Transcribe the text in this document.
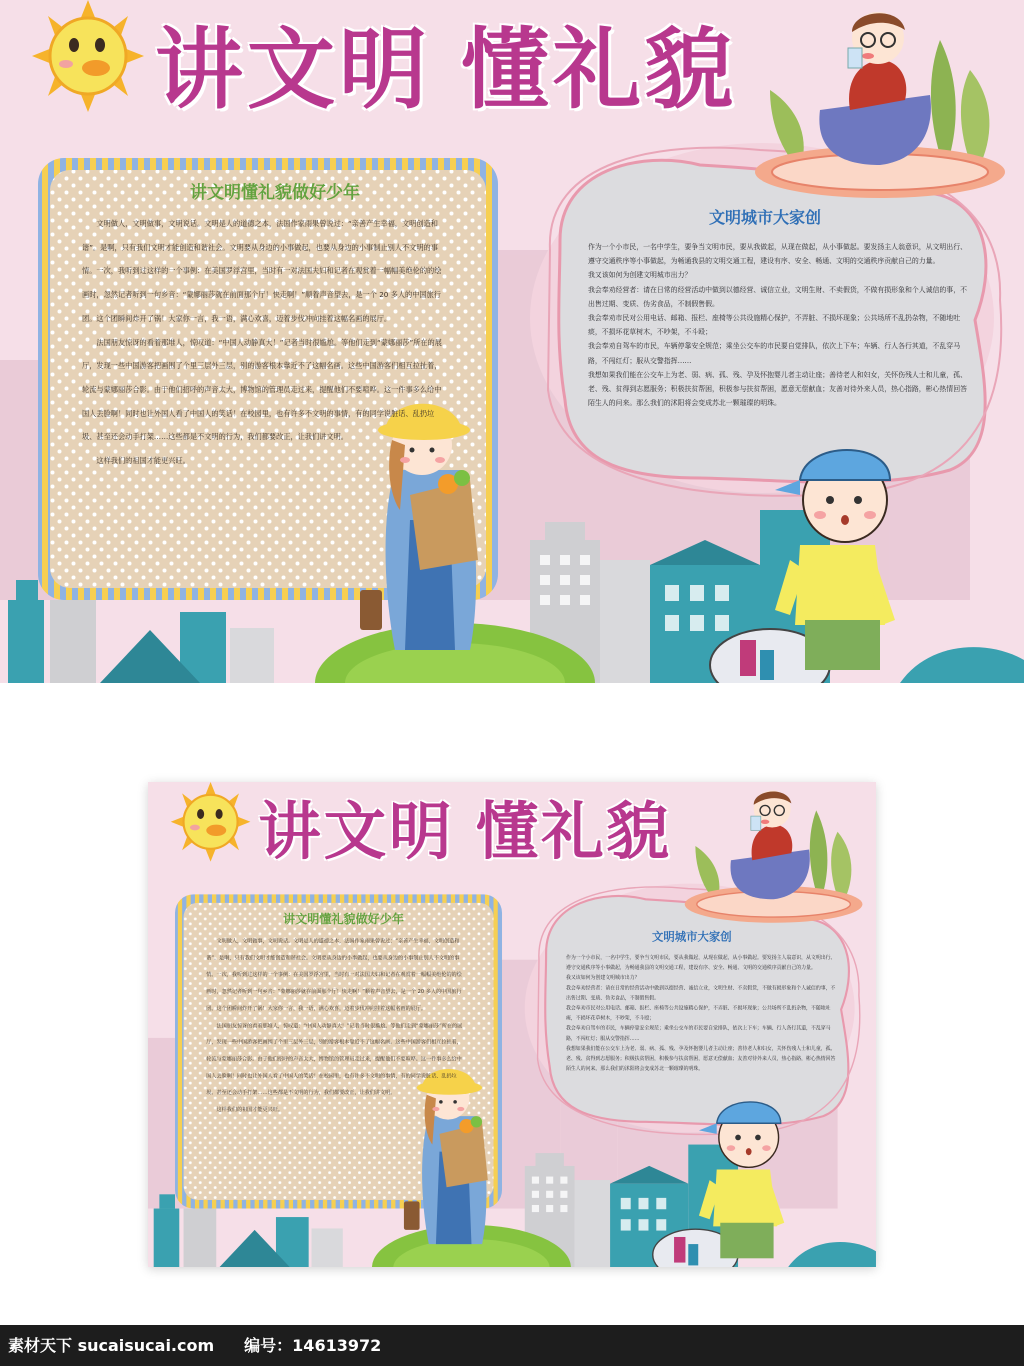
讲文明 懂礼貌
讲文明懂礼貌做好少年

文明做人，文明做事，文明说话。文明是人的道德之本，法国作家雨果曾说过：“亲善产生幸福，文明创造和谐”。是啊，只有我们文明才能创造和谐社会。文明要从身边的小事做起，也要从身边的小事制止别人不文明的事情。一次，我听到过这样的一个事例：在美国罗浮宫里，当时有一对法国夫妇和记者在观赏着一幅幅美绝伦的的绘画时，忽然记者听到一句乡音：“蒙娜丽莎就在前面那个厅！快走啊！”顺着声音望去，是一个 20 多人的中国旅行团。这个团瞬间炸开了锅！大家你一言，我一语，满心欢喜，迈着步伐冲向挂着这幅名画的展厅。

法国朋友惊讶的看着那堆人，惊叹道：“中国人动静真大！”记者当时很尴尬。等他们走到“蒙娜丽莎”所在的展厅，发现一些中国游客把画围了个里三层外三层，别的游客根本靠近不了这幅名画。这些中国游客们相互拉扯着，轮流与蒙娜丽莎合影。由于他们招呼的声音太大，博物馆的管理员走过来，提醒他们不要喧哗。这一件事多么给中国人丢脸啊！同时也让外国人看了中国人的笑话！在校园里，也有许多不文明的事情，有的同学说脏话、乱扔垃圾、甚至还会动手打架……这些都是不文明的行为，我们都要改正，让我们讲文明。

这样我们的祖国才能更兴旺。

文明城市大家创

作为一个小市民，一名中学生，要争当文明市民，要从我做起，从现在做起，从小事做起。要发扬主人翁意识，从文明出行、遵守交通秩序等小事做起，为畅通我县的文明交通工程，建设有序、安全、畅通、文明的交通秩序贡献自己的力量。

我又该如何为创建文明城市出力？

我会奉劝经营者：请在日常的经营活动中做到以德经营、诚信立业，文明生财、不卖假货，不做有损形象和个人诚信的事，不出售过期、变质、伪劣食品，不制假售假。

我会奉劝市民对公用电话、邮箱、报栏、座椅等公共设施精心保护，不弄脏、不损坏现象；公共场所不乱扔杂物，不随地吐痰，不损坏花草树木，不吵架，不斗殴；

我会奉劝自驾车的市民，车辆停靠安全规范；乘坐公交车的市民要自觉排队，依次上下车；车辆、行人各行其道，不乱穿马路，不闯红灯；服从交警指挥……

我想如果我们能在公交车上为老、弱、病、孤、残、孕及怀抱婴儿者主动让座；善待老人和妇女，关怀伤残人士和儿童，孤、老、残、贫得到志愿服务；积极扶贫帮困，积极参与扶贫帮困，愿意无偿献血；友善对待外来人员，热心指路，彬心热情回答陌生人的问来。那么我们的沭阳将会变成苏北一颗璀璨的明珠。

讲文明 懂礼貌
讲文明懂礼貌做好少年

文明做人，文明做事，文明说话。文明是人的道德之本，法国作家雨果曾说过：“亲善产生幸福，文明创造和谐”。是啊，只有我们文明才能创造和谐社会。文明要从身边的小事做起，也要从身边的小事制止别人不文明的事情。一次，我听到过这样的一个事例：在美国罗浮宫里，当时有一对法国夫妇和记者在观赏着一幅幅美绝伦的的绘画时，忽然记者听到一句乡音：“蒙娜丽莎就在前面那个厅！快走啊！”顺着声音望去，是一个 20 多人的中国旅行团。这个团瞬间炸开了锅！大家你一言，我一语，满心欢喜，迈着步伐冲向挂着这幅名画的展厅。

法国朋友惊讶的看着那堆人，惊叹道：“中国人动静真大！”记者当时很尴尬。等他们走到“蒙娜丽莎”所在的展厅，发现一些中国游客把画围了个里三层外三层，别的游客根本靠近不了这幅名画。这些中国游客们相互拉扯着，轮流与蒙娜丽莎合影。由于他们招呼的声音太大，博物馆的管理员走过来，提醒他们不要喧哗。这一件事多么给中国人丢脸啊！同时也让外国人看了中国人的笑话！在校园里，也有许多不文明的事情，有的同学说脏话、乱扔垃圾、甚至还会动手打架……这些都是不文明的行为，我们都要改正，让我们讲文明。

这样我们的祖国才能更兴旺。

文明城市大家创

作为一个小市民，一名中学生，要争当文明市民，要从我做起，从现在做起，从小事做起。要发扬主人翁意识，从文明出行、遵守交通秩序等小事做起，为畅通我县的文明交通工程，建设有序、安全、畅通、文明的交通秩序贡献自己的力量。

我又该如何为创建文明城市出力？

我会奉劝经营者：请在日常的经营活动中做到以德经营、诚信立业，文明生财、不卖假货，不做有损形象和个人诚信的事，不出售过期、变质、伪劣食品，不制假售假。

我会奉劝市民对公用电话、邮箱、报栏、座椅等公共设施精心保护，不弄脏、不损坏现象；公共场所不乱扔杂物，不随地吐痰，不损坏花草树木，不吵架，不斗殴；

我会奉劝自驾车的市民，车辆停靠安全规范；乘坐公交车的市民要自觉排队，依次上下车；车辆、行人各行其道，不乱穿马路，不闯红灯；服从交警指挥……

我想如果我们能在公交车上为老、弱、病、孤、残、孕及怀抱婴儿者主动让座；善待老人和妇女，关怀伤残人士和儿童，孤、老、残、贫得到志愿服务；积极扶贫帮困，积极参与扶贫帮困，愿意无偿献血；友善对待外来人员，热心指路，彬心热情回答陌生人的问来。那么我们的沭阳将会变成苏北一颗璀璨的明珠。

素材天下 sucaisucai.com 编号：14613972
